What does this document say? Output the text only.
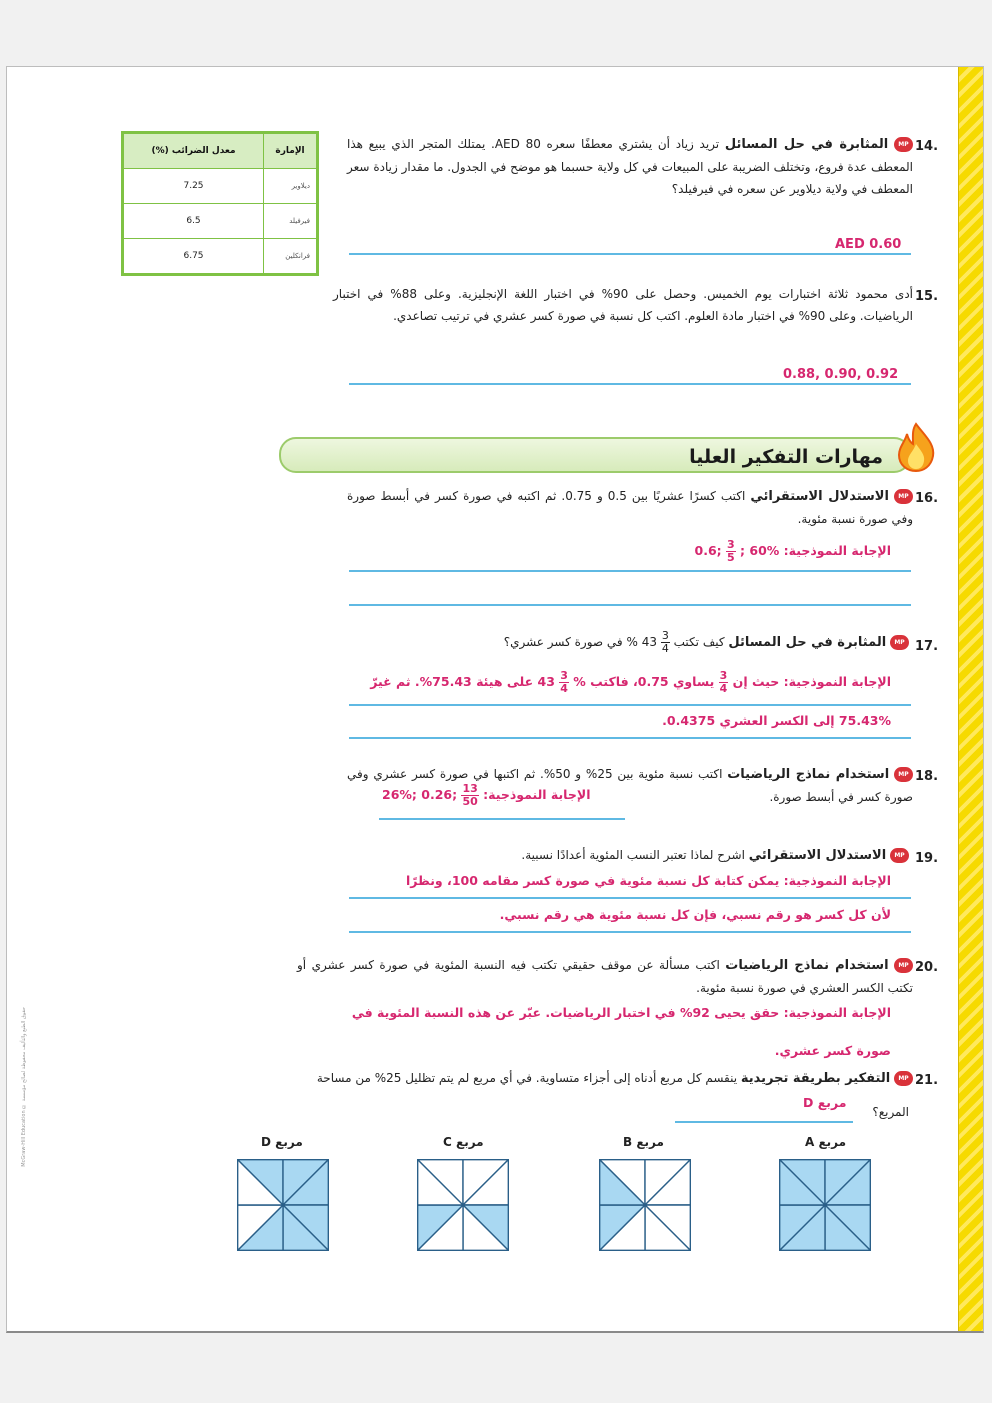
الإمارة	معدل الضرائب (%)
ديلاوير	7.25
فيرفيلد	6.5
فرانكلين	6.75
14.
MP المثابرة في حل المسائل تريد زياد أن يشتري معطفًا سعره AED 80. يمتلك المتجر الذي يبيع هذا المعطف عدة فروع، وتختلف الضريبة على المبيعات في كل ولاية حسبما هو موضح في الجدول. ما مقدار زيادة سعر المعطف في ولاية ديلاوير عن سعره في فيرفيلد؟
AED 0.60
15.
أدى محمود ثلاثة اختبارات يوم الخميس. وحصل على 90% في اختبار اللغة الإنجليزية. وعلى 88% في اختبار الرياضيات. وعلى 90% في اختبار مادة العلوم. اكتب كل نسبة في صورة كسر عشري في ترتيب تصاعدي.
0.88, 0.90, 0.92
مهارات التفكير العليا
16.
MP الاستدلال الاستقرائي اكتب كسرًا عشريًا بين 0.5 و 0.75. ثم اكتبه في صورة كسر في أبسط صورة وفي صورة نسبة مئوية.
الإجابة النموذجية: 0.6; $\frac{3}{5}$ ; 60%
17.
MP المثابرة في حل المسائل كيف تكتب
$\frac{3}{4}$
43 % في صورة كسر عشري؟
الإجابة النموذجية: حيث إن
$\frac{3}{4}$
يساوي 0.75، فاكتب %
$\frac{3}{4}$
43 على هيئة 75.43%. ثم غيرّ
75.43% إلى الكسر العشري 0.4375.
18.
MP استخدام نماذج الرياضيات اكتب نسبة مئوية بين 25% و 50%. ثم اكتبها في صورة كسر عشري وفي صورة كسر في أبسط صورة.
الإجابة النموذجية: 26%; 0.26; $\frac{13}{50}$
19.
MP الاستدلال الاستقرائي اشرح لماذا تعتبر النسب المئوية أعدادًا نسبية.
الإجابة النموذجية: يمكن كتابة كل نسبة مئوية في صورة كسر مقامه 100، ونظرًا
لأن كل كسر هو رقم نسبي، فإن كل نسبة مئوية هي رقم نسبي.
20.
MP استخدام نماذج الرياضيات اكتب مسألة عن موقف حقيقي تكتب فيه النسبة المئوية في صورة كسر عشري أو تكتب الكسر العشري في صورة نسبة مئوية.
الإجابة النموذجية: حقق يحيى 92% في اختبار الرياضيات. عبّر عن هذه النسبة المئوية في
صورة كسر عشري.
21.
MP التفكير بطريقة تجريدية ينقسم كل مربع أدناه إلى أجزاء متساوية. في أي مربع لم يتم تظليل 25% من مساحة
المربع؟
مربع D
مربع A
مربع B
مربع C
مربع D
McGraw-Hill Education © حقوق الطبع والتأليف محفوظة لصالح مؤسسة
